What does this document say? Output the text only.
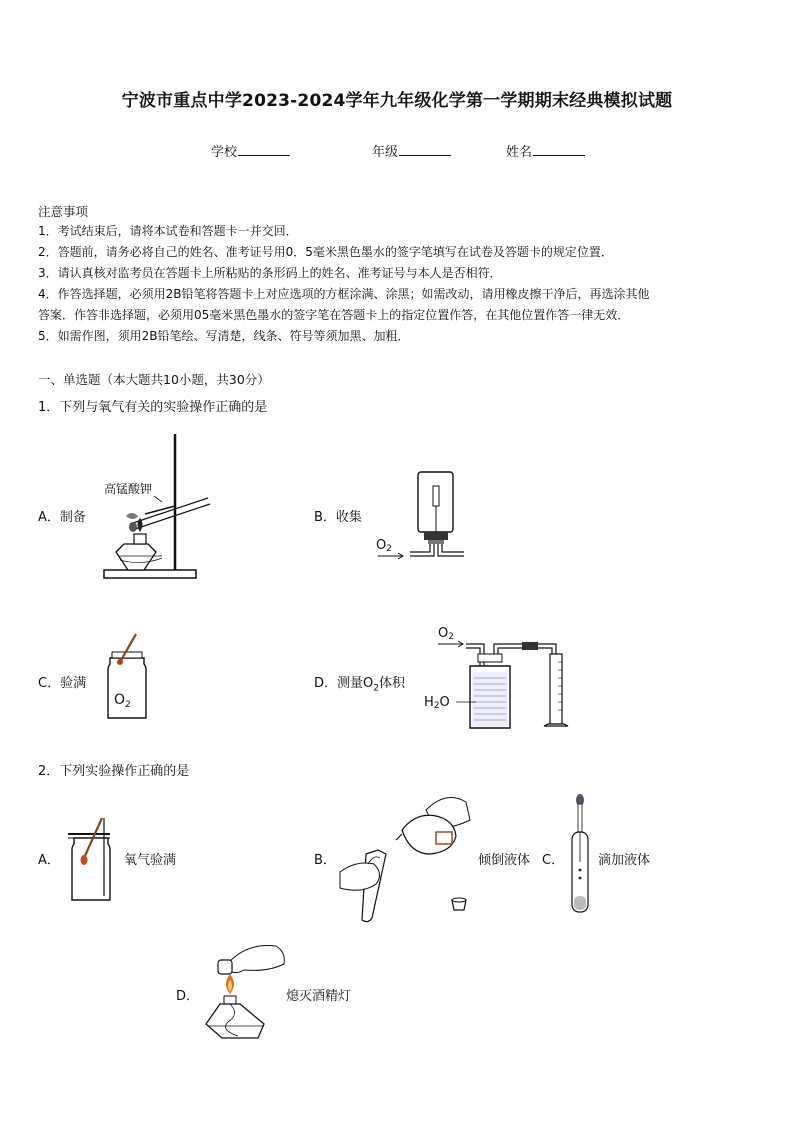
宁波市重点中学2023-2024学年九年级化学第一学期期末经典模拟试题
学校	年级	姓名
注意事项
1．考试结束后，请将本试卷和答题卡一并交回．
2．答题前，请务必将自己的姓名、准考证号用0．5毫米黑色墨水的签字笔填写在试卷及答题卡的规定位置．
3．请认真核对监考员在答题卡上所粘贴的条形码上的姓名、准考证号与本人是否相符．
4．作答选择题，必须用2B铅笔将答题卡上对应选项的方框涂满、涂黑；如需改动，请用橡皮擦干净后，再选涂其他
答案．作答非选择题，必须用05毫米黑色墨水的签字笔在答题卡上的指定位置作答，在其他位置作答一律无效．
5．如需作图，须用2B铅笔绘、写清楚，线条、符号等须加黑、加粗．
一、单选题（本大题共10小题，共30分）
1．下列与氧气有关的实验操作正确的是
A．制备
高锰酸钾
B．收集
O2
C．验满
$O_2$
D．测量$O_2$体积
O2
H2O
2．下列实验操作正确的是
A．	氧气验满	B．	倾倒液体 C．	滴加液体
D．	熄灭酒精灯
